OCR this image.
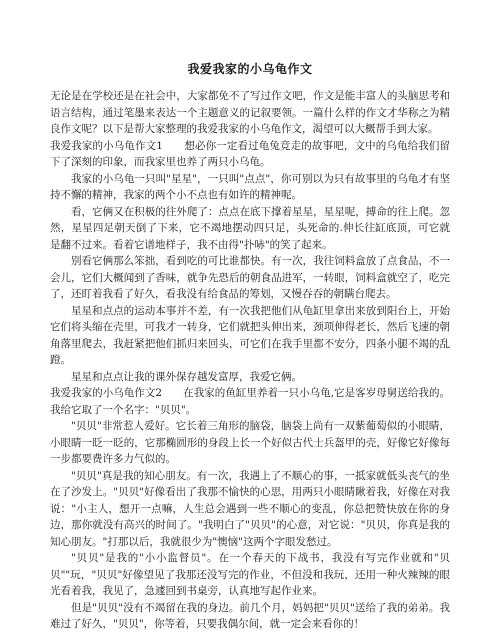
我爱我家的小乌龟作文

无论是在学校还是在社会中，大家都免不了写过作文吧，作文是能丰富人的头脑思考和语言结构，通过笔墨来表达一个主题意义的记叙要领。一篇什么样的作文才华称之为精良作文呢？以下是帮大家整理的我爱我家的小乌龟作文，渴望可以大概帮手到大家。

我爱我家的小乌龟作文1　　想必你一定看过龟兔竞走的故事吧，文中的乌龟给我们留下了深刻的印象，而我家里也养了两只小乌龟。

我家的小乌龟一只叫"星星"，一只叫"点点"，你可别以为只有故事里的乌龟才有坚持不懈的精神，我家的两个小不点也有如许的精神呢。

看，它俩又在积极的往外爬了：点点在底下撑着星星，星星呢，搏命的往上爬。忽然，星星四足朝天倒了下来，它不竭地摆动四只足，头死命的.伸长往缸底顶，可它就是翻不过来。看着它谱地样子，我不由得"扑哧"的笑了起来。

别看它俩那么笨拙，看到吃的可比谁都快。有一次，我往饲料盒放了点食品，不一会儿，它们大概闻到了香味，就争先恐后的朝食品进军，一转眼，饲料盒就空了，吃完了，还盯着我看了好久，看我没有给食品的筹划，又慢吞吞的朝瞒台爬去。

星星和点点的运动本事并不差，有一次我把他们从龟缸里拿出来放到阳台上，开始它们将头缩在壳里，可我才一转身，它们就把头伸出来，颈项伸得老长，然后飞速的朝角落里爬去，我赶紧把他们抓归来回头，可它们在我手里都不安分，四条小腿不竭的乱蹬。

星星和点点让我的课外保存越发富厚，我爱它俩。

我爱我家的小乌龟作文2　　在我家的鱼缸里养着一只小乌龟,它是客岁母舅送给我的。我给它取了一个名字："贝贝"。

"贝贝"非常惹人爱好。它长着三角形的脑袋，脑袋上尚有一双紫葡萄似的小眼睛，小眼睛一眨一眨的，它那椭圆形的身段上长一个好似古代士兵盔甲的壳，好像它好像每一步都要费许多力气似的。

"贝贝"真是我的知心朋友。有一次，我遇上了不顺心的事，一抵家就低头丧气的坐在了沙发上。"贝贝"好像看出了我那不愉快的心思，用两只小眼睛瞅着我，好像在对我说："小主人，想开一点嘛，人生总会遇到一些不顺心的变乱，你总把赞快放在你的身边，那你就没有高兴的时间了。"我明白了"贝贝"的心意，对它说："贝贝，你真是我的知心朋友。"打那以后，我就很少为"懊恼"这两个字眼发愁过。

"贝贝"是我的"小小监督员"。在一个春天的下战书，我没有写完作业就和"贝贝""玩，"贝贝"好像望见了我那还没写完的作业，不但没和我玩，还用一种火辣辣的眼光看着我，我见了，急遽回到书桌旁，认真地写起作业来。

但是"贝贝"没有不竭留在我的身边。前几个月，妈妈把"贝贝"送给了我的弟弟。我难过了好久，"贝贝"，你等着，只要我偶尔间，就一定会来看你的！
